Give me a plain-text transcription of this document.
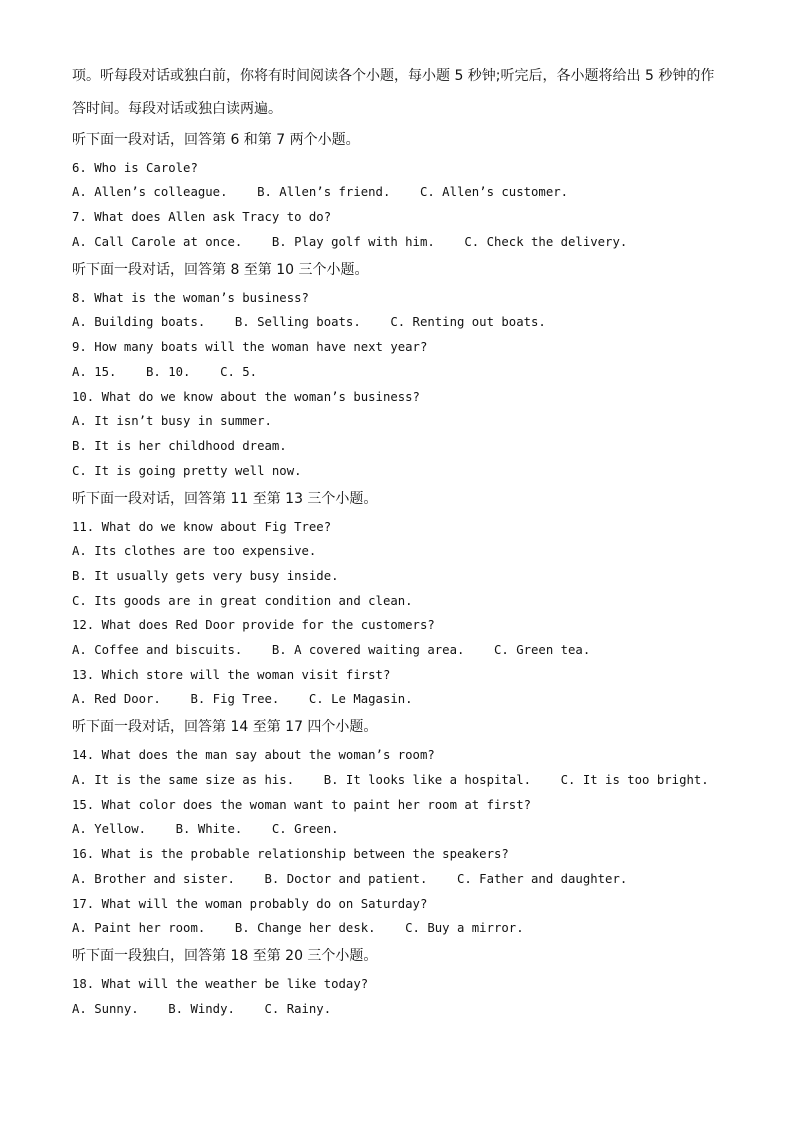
项。听每段对话或独白前，你将有时间阅读各个小题，每小题 5 秒钟;听完后，各小题将给出 5 秒钟的作
答时间。每段对话或独白读两遍。
听下面一段对话，回答第 6 和第 7 两个小题。
6. Who is Carole?
A. Allen’s colleague.    B. Allen’s friend.    C. Allen’s customer.
7. What does Allen ask Tracy to do?
A. Call Carole at once.    B. Play golf with him.    C. Check the delivery.
听下面一段对话，回答第 8 至第 10 三个小题。
8. What is the woman’s business?
A. Building boats.    B. Selling boats.    C. Renting out boats.
9. How many boats will the woman have next year?
A. 15.    B. 10.    C. 5.
10. What do we know about the woman’s business?
A. It isn’t busy in summer.
B. It is her childhood dream.
C. It is going pretty well now.
听下面一段对话，回答第 11 至第 13 三个小题。
11. What do we know about Fig Tree?
A. Its clothes are too expensive.
B. It usually gets very busy inside.
C. Its goods are in great condition and clean.
12. What does Red Door provide for the customers?
A. Coffee and biscuits.    B. A covered waiting area.    C. Green tea.
13. Which store will the woman visit first?
A. Red Door.    B. Fig Tree.    C. Le Magasin.
听下面一段对话，回答第 14 至第 17 四个小题。
14. What does the man say about the woman’s room?
A. It is the same size as his.    B. It looks like a hospital.    C. It is too bright.
15. What color does the woman want to paint her room at first?
A. Yellow.    B. White.    C. Green.
16. What is the probable relationship between the speakers?
A. Brother and sister.    B. Doctor and patient.    C. Father and daughter.
17. What will the woman probably do on Saturday?
A. Paint her room.    B. Change her desk.    C. Buy a mirror.
听下面一段独白，回答第 18 至第 20 三个小题。
18. What will the weather be like today?
A. Sunny.    B. Windy.    C. Rainy.
